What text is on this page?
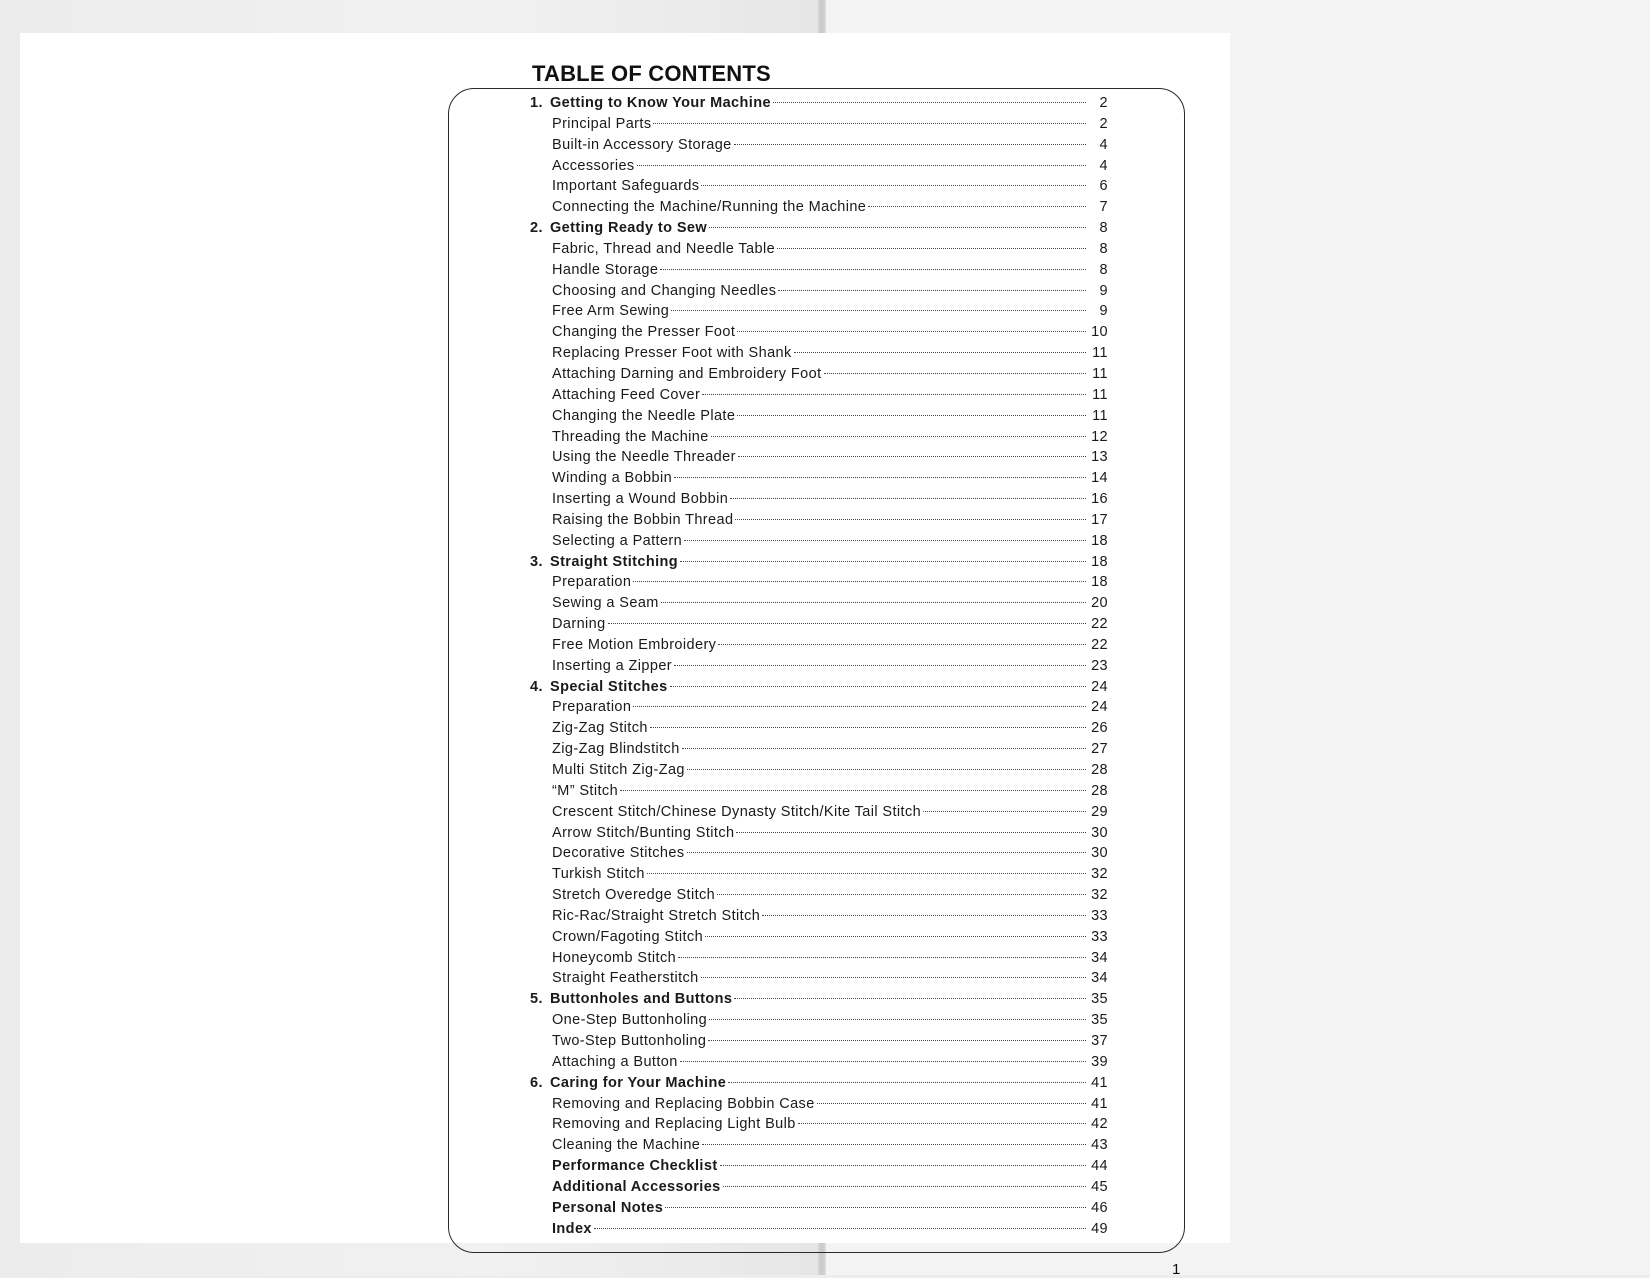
TABLE OF CONTENTS
1. Getting to Know Your Machine	2
Principal Parts	2
Built-in Accessory Storage	4
Accessories	4
Important Safeguards	6
Connecting the Machine/Running the Machine	7
2. Getting Ready to Sew	8
Fabric, Thread and Needle Table	8
Handle Storage	8
Choosing and Changing Needles	9
Free Arm Sewing	9
Changing the Presser Foot	10
Replacing Presser Foot with Shank	11
Attaching Darning and Embroidery Foot	11
Attaching Feed Cover	11
Changing the Needle Plate	11
Threading the Machine	12
Using the Needle Threader	13
Winding a Bobbin	14
Inserting a Wound Bobbin	16
Raising the Bobbin Thread	17
Selecting a Pattern	18
3. Straight Stitching	18
Preparation	18
Sewing a Seam	20
Darning	22
Free Motion Embroidery	22
Inserting a Zipper	23
4. Special Stitches	24
Preparation	24
Zig-Zag Stitch	26
Zig-Zag Blindstitch	27
Multi Stitch Zig-Zag	28
“M” Stitch	28
Crescent Stitch/Chinese Dynasty Stitch/Kite Tail Stitch	29
Arrow Stitch/Bunting Stitch	30
Decorative Stitches	30
Turkish Stitch	32
Stretch Overedge Stitch	32
Ric-Rac/Straight Stretch Stitch	33
Crown/Fagoting Stitch	33
Honeycomb Stitch	34
Straight Featherstitch	34
5. Buttonholes and Buttons	35
One-Step Buttonholing	35
Two-Step Buttonholing	37
Attaching a Button	39
6. Caring for Your Machine	41
Removing and Replacing Bobbin Case	41
Removing and Replacing Light Bulb	42
Cleaning the Machine	43
Performance Checklist	44
Additional Accessories	45
Personal Notes	46
Index	49
1
